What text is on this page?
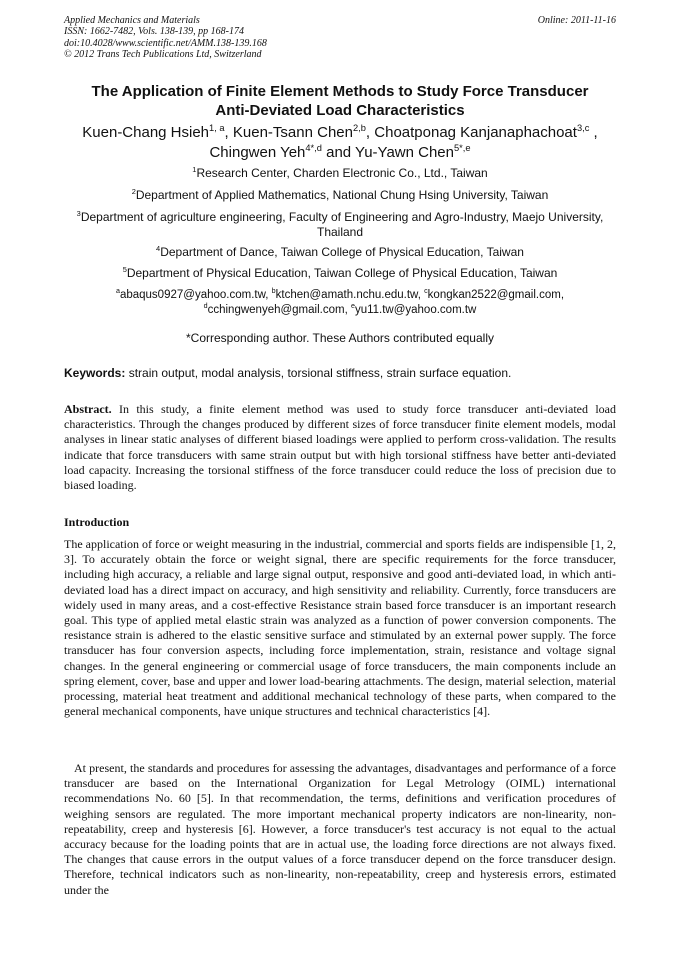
Applied Mechanics and Materials
ISSN: 1662-7482, Vols. 138-139, pp 168-174
doi:10.4028/www.scientific.net/AMM.138-139.168
© 2012 Trans Tech Publications Ltd, Switzerland
Online: 2011-11-16
The Application of Finite Element Methods to Study Force Transducer
Anti-Deviated Load Characteristics
Kuen-Chang Hsieh$^{1, a}$, Kuen-Tsann Chen$^{2,b}$, Choatponag Kanjanaphachoat$^{3,c}$ ,
Chingwen Yeh$^{4*,d}$ and Yu-Yawn Chen$^{5*,e}$
$^1$Research Center, Charden Electronic Co., Ltd., Taiwan
$^2$Department of Applied Mathematics, National Chung Hsing University, Taiwan
$^3$Department of agriculture engineering, Faculty of Engineering and Agro-Industry, Maejo University, Thailand
$^4$Department of Dance, Taiwan College of Physical Education, Taiwan
$^5$Department of Physical Education, Taiwan College of Physical Education, Taiwan
$^a$abaqus0927@yahoo.com.tw, $^b$ktchen@amath.nchu.edu.tw, $^c$kongkan2522@gmail.com,
$^d$cchingwenyeh@gmail.com, $^e$yu11.tw@yahoo.com.tw
*Corresponding author. These Authors contributed equally
Keywords: strain output, modal analysis, torsional stiffness, strain surface equation.
Abstract. In this study, a finite element method was used to study force transducer anti-deviated load characteristics. Through the changes produced by different sizes of force transducer finite element models, modal analyses in linear static analyses of different biased loadings were applied to perform cross-validation. The results indicate that force transducers with same strain output but with high torsional stiffness have better anti-deviated load capacity. Increasing the torsional stiffness of the force transducer could reduce the loss of precision due to biased loading.
Introduction
The application of force or weight measuring in the industrial, commercial and sports fields are indispensible [1, 2, 3]. To accurately obtain the force or weight signal, there are specific requirements for the force transducer, including high accuracy, a reliable and large signal output, responsive and good anti-deviated load, in which anti-deviated load has a direct impact on accuracy, and high sensitivity and reliability. Currently, force transducers are widely used in many areas, and a cost-effective Resistance strain based force transducer is an important research goal. This type of applied metal elastic strain was analyzed as a function of power conversion components. The resistance strain is adhered to the elastic sensitive surface and stimulated by an external power supply. The force transducer has four conversion aspects, including force implementation, strain, resistance and voltage signal changes. In the general engineering or commercial usage of force transducers, the main components include an spring element, cover, base and upper and lower load-bearing attachments. The design, material selection, material processing, material heat treatment and additional mechanical technology of these parts, when compared to the general mechanical components, have unique structures and technical characteristics [4].
At present, the standards and procedures for assessing the advantages, disadvantages and performance of a force transducer are based on the International Organization for Legal Metrology (OIML) international recommendations No. 60 [5]. In that recommendation, the terms, definitions and verification procedures of weighing sensors are regulated. The more important mechanical property indicators are non-linearity, non-repeatability, creep and hysteresis [6]. However, a force transducer's test accuracy is not equal to the actual accuracy because for the loading points that are in actual use, the loading force directions are not always fixed. The changes that cause errors in the output values of a force transducer depend on the force transducer design. Therefore, technical indicators such as non-linearity, non-repeatability, creep and hysteresis errors, estimated under the
